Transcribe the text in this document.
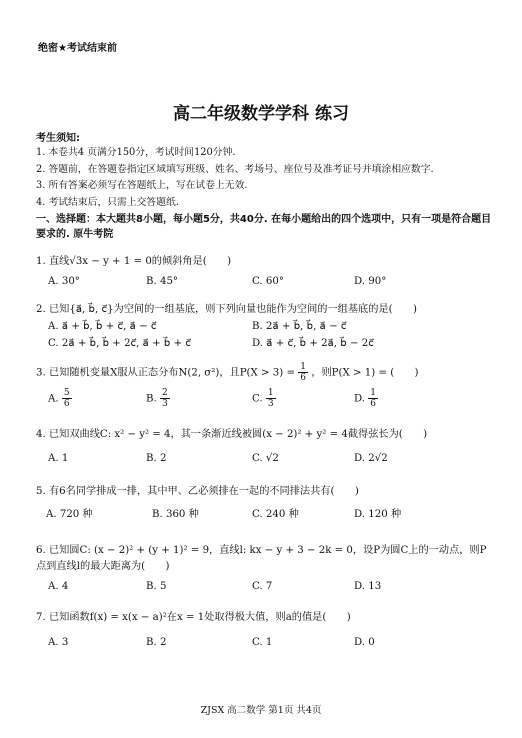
绝密★考试结束前
高二年级数学学科 练习
考生须知:
1. 本卷共4 页满分150分，考试时间120分钟.
2. 答题前，在答题卷指定区域填写班级、姓名、考场号、座位号及准考证号并填涂相应数字.
3. 所有答案必须写在答题纸上，写在试卷上无效.
4. 考试结束后，只需上交答题纸.
一、选择题：本大题共8小题，每小题5分，共40分. 在每小题给出的四个选项中，只有一项是符合题目要求的. 原牛考院
1. 直线√3x − y + 1 = 0的倾斜角是(　　)
A. 30°	B. 45°	C. 60°	D. 90°
2. 已知{a⃗, b⃗, c⃗}为空间的一组基底，则下列向量也能作为空间的一组基底的是(　　)
A. a⃗ + b⃗, b⃗ + c⃗, a⃗ − c⃗	B. 2a⃗ + b⃗, b⃗, a⃗ − c⃗
C. 2a⃗ + b⃗, b⃗ + 2c⃗, a⃗ + b⃗ + c⃗	D. a⃗ + c⃗, b⃗ + 2a⃗, b⃗ − 2c⃗
3. 已知随机变量X服从正态分布N(2, σ²)，且$P(X > 3) = \frac{1}{6}$ ，则P(X > 1) = (　　)
A. $\frac{5}{6}$	B. $\frac{2}{3}$	C. $\frac{1}{3}$	D. $\frac{1}{6}$
4. 已知双曲线C: x² − y² = 4，其一条渐近线被圆(x − 2)² + y² = 4截得弦长为(　　)
A. 1	B. 2	C. √2	D. 2√2
5. 有6名同学排成一排，其中甲、乙必须排在一起的不同排法共有(　　)
A. 720 种	B. 360 种	C. 240 种	D. 120 种
6. 已知圆C: (x − 2)² + (y + 1)² = 9，直线l: kx − y + 3 − 2k = 0，设P为圆C上的一动点，则P点到直线l的最大距离为(　　)
A. 4	B. 5	C. 7	D. 13
7. 已知函数f(x) = x(x − a)²在x = 1处取得极大值，则a的值是(　　)
A. 3	B. 2	C. 1	D. 0
ZJSX 高二数学 第1页 共4页
